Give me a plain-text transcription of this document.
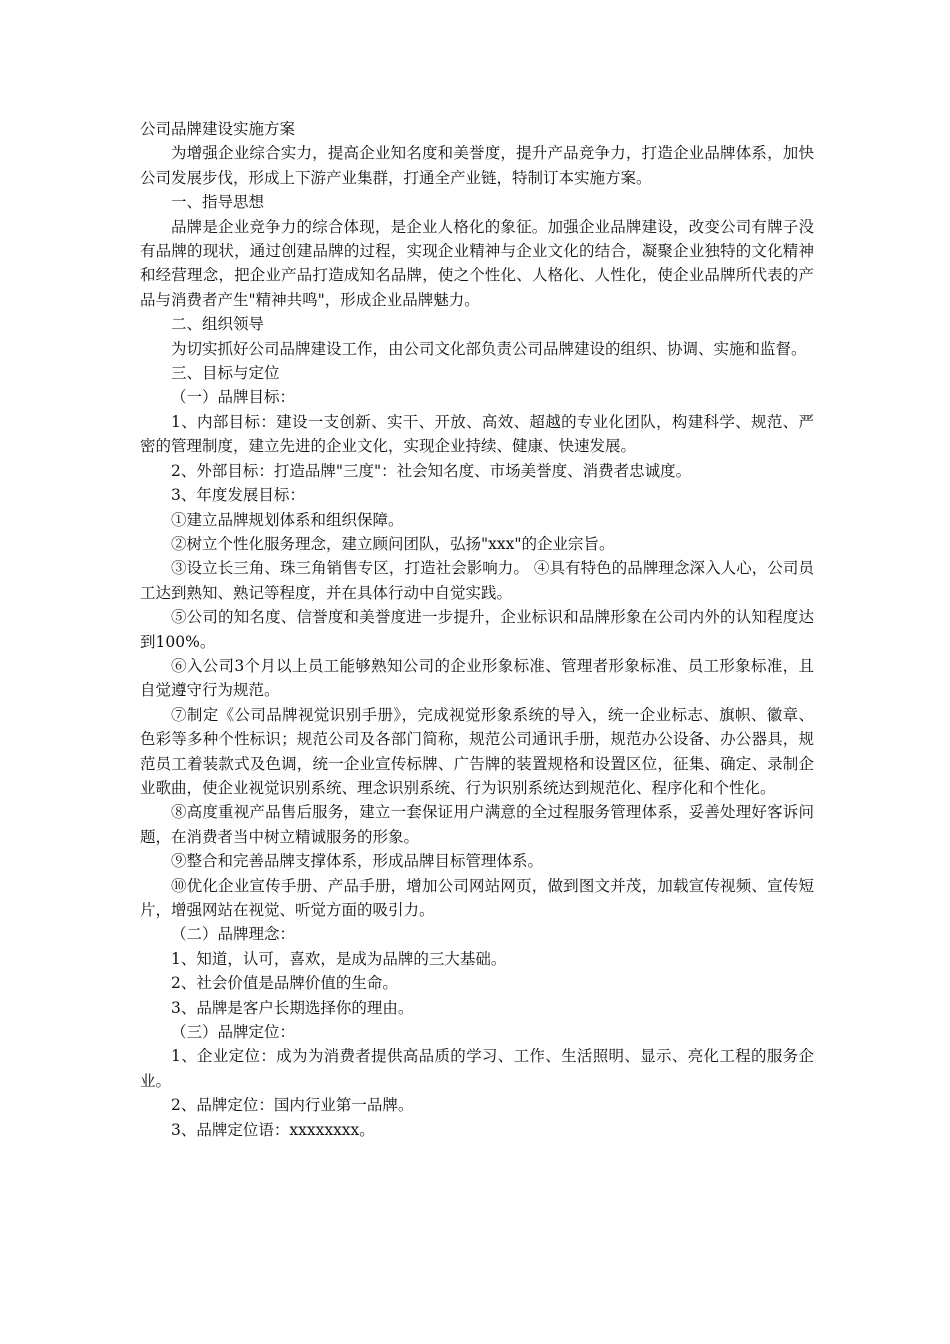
公司品牌建设实施方案

为增强企业综合实力，提高企业知名度和美誉度，提升产品竞争力，打造企业品牌体系，加快公司发展步伐，形成上下游产业集群，打通全产业链，特制订本实施方案。

一、指导思想

品牌是企业竞争力的综合体现，是企业人格化的象征。加强企业品牌建设，改变公司有牌子没有品牌的现状，通过创建品牌的过程，实现企业精神与企业文化的结合，凝聚企业独特的文化精神和经营理念，把企业产品打造成知名品牌，使之个性化、人格化、人性化，使企业品牌所代表的产品与消费者产生"精神共鸣"，形成企业品牌魅力。

二、组织领导

为切实抓好公司品牌建设工作，由公司文化部负责公司品牌建设的组织、协调、实施和监督。

三、目标与定位

（一）品牌目标：

1、内部目标：建设一支创新、实干、开放、高效、超越的专业化团队，构建科学、规范、严密的管理制度，建立先进的企业文化，实现企业持续、健康、快速发展。

2、外部目标：打造品牌"三度"：社会知名度、市场美誉度、消费者忠诚度。

3、年度发展目标：

①建立品牌规划体系和组织保障。

②树立个性化服务理念，建立顾问团队，弘扬"xxx"的企业宗旨。

③设立长三角、珠三角销售专区，打造社会影响力。 ④具有特色的品牌理念深入人心，公司员工达到熟知、熟记等程度，并在具体行动中自觉实践。

⑤公司的知名度、信誉度和美誉度进一步提升，企业标识和品牌形象在公司内外的认知程度达到100%。

⑥入公司3个月以上员工能够熟知公司的企业形象标准、管理者形象标准、员工形象标准，且自觉遵守行为规范。

⑦制定《公司品牌视觉识别手册》，完成视觉形象系统的导入，统一企业标志、旗帜、徽章、色彩等多种个性标识；规范公司及各部门简称，规范公司通讯手册，规范办公设备、办公器具，规范员工着装款式及色调，统一企业宣传标牌、广告牌的装置规格和设置区位，征集、确定、录制企业歌曲，使企业视觉识别系统、理念识别系统、行为识别系统达到规范化、程序化和个性化。

⑧高度重视产品售后服务，建立一套保证用户满意的全过程服务管理体系，妥善处理好客诉问题，在消费者当中树立精诚服务的形象。

⑨整合和完善品牌支撑体系，形成品牌目标管理体系。

⑩优化企业宣传手册、产品手册，增加公司网站网页，做到图文并茂，加载宣传视频、宣传短片，增强网站在视觉、听觉方面的吸引力。

（二）品牌理念：

1、知道，认可，喜欢，是成为品牌的三大基础。

2、社会价值是品牌价值的生命。

3、品牌是客户长期选择你的理由。

（三）品牌定位：

1、企业定位：成为为消费者提供高品质的学习、工作、生活照明、显示、亮化工程的服务企业。

2、品牌定位：国内行业第一品牌。

3、品牌定位语：xxxxxxxx。
